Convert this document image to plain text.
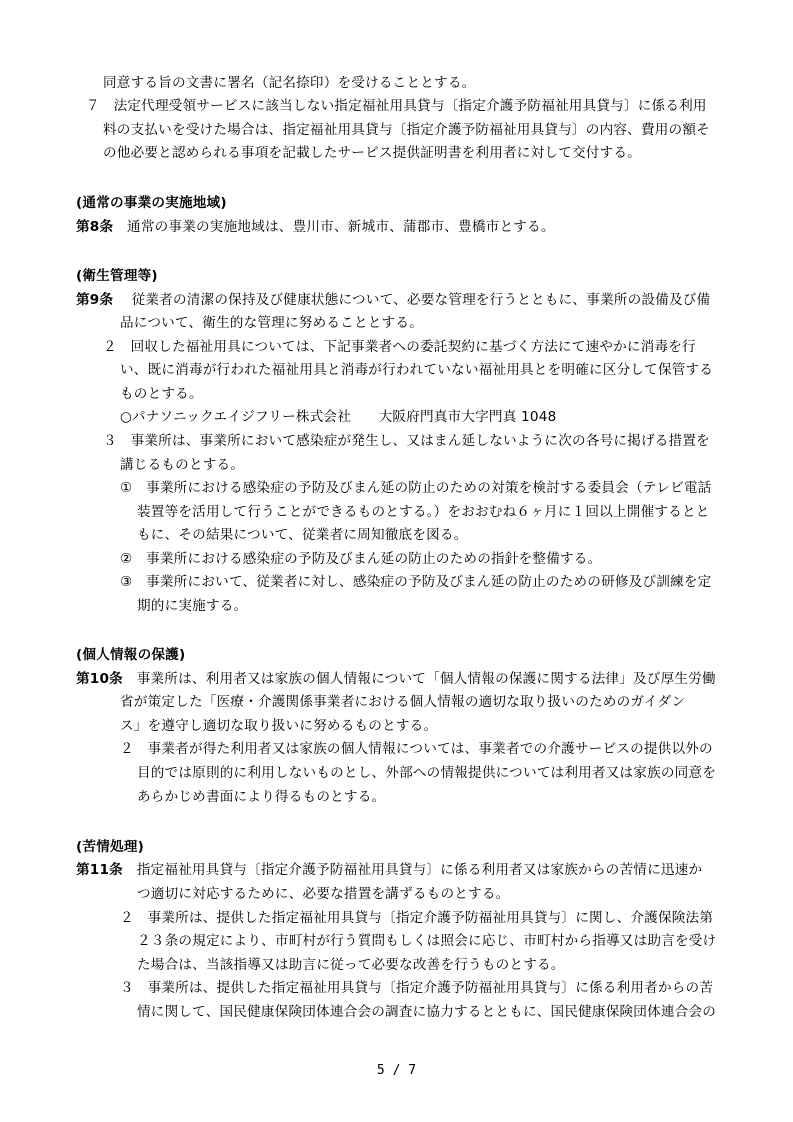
同意する旨の文書に署名（記名捺印）を受けることとする。
７　法定代理受領サービスに該当しない指定福祉用具貸与〔指定介護予防福祉用具貸与〕に係る利用
料の支払いを受けた場合は、指定福祉用具貸与〔指定介護予防福祉用具貸与〕の内容、費用の額そ
の他必要と認められる事項を記載したサービス提供証明書を利用者に対して交付する。
(通常の事業の実施地域)
第8条　通常の事業の実施地域は、豊川市、新城市、蒲郡市、豊橋市とする。
(衛生管理等)
第9条　 従業者の清潔の保持及び健康状態について、必要な管理を行うとともに、事業所の設備及び備
品について、衛生的な管理に努めることとする。
２　回収した福祉用具については、下記事業者への委託契約に基づく方法にて速やかに消毒を行
い、既に消毒が行われた福祉用具と消毒が行われていない福祉用具とを明確に区分して保管する
ものとする。
○パナソニックエイジフリー株式会社　　大阪府門真市大字門真 1048
３　事業所は、事業所において感染症が発生し、又はまん延しないように次の各号に掲げる措置を
講じるものとする。
①　事業所における感染症の予防及びまん延の防止のための対策を検討する委員会（テレビ電話
装置等を活用して行うことができるものとする。）をおおむね６ヶ月に１回以上開催するとと
もに、その結果について、従業者に周知徹底を図る。
②　事業所における感染症の予防及びまん延の防止のための指針を整備する。
③　事業所において、従業者に対し、感染症の予防及びまん延の防止のための研修及び訓練を定
期的に実施する。
(個人情報の保護)
第10条　事業所は、利用者又は家族の個人情報について「個人情報の保護に関する法律」及び厚生労働
省が策定した「医療・介護関係事業者における個人情報の適切な取り扱いのためのガイダン
ス」を遵守し適切な取り扱いに努めるものとする。
２　事業者が得た利用者又は家族の個人情報については、事業者での介護サービスの提供以外の
目的では原則的に利用しないものとし、外部への情報提供については利用者又は家族の同意を
あらかじめ書面により得るものとする。
(苦情処理)
第11条　指定福祉用具貸与〔指定介護予防福祉用具貸与〕に係る利用者又は家族からの苦情に迅速か
つ適切に対応するために、必要な措置を講ずるものとする。
２　事業所は、提供した指定福祉用具貸与〔指定介護予防福祉用具貸与〕に関し、介護保険法第
２３条の規定により、市町村が行う質問もしくは照会に応じ、市町村から指導又は助言を受け
た場合は、当該指導又は助言に従って必要な改善を行うものとする。
３　事業所は、提供した指定福祉用具貸与〔指定介護予防福祉用具貸与〕に係る利用者からの苦
情に関して、国民健康保険団体連合会の調査に協力するとともに、国民健康保険団体連合会の
5 / 7
